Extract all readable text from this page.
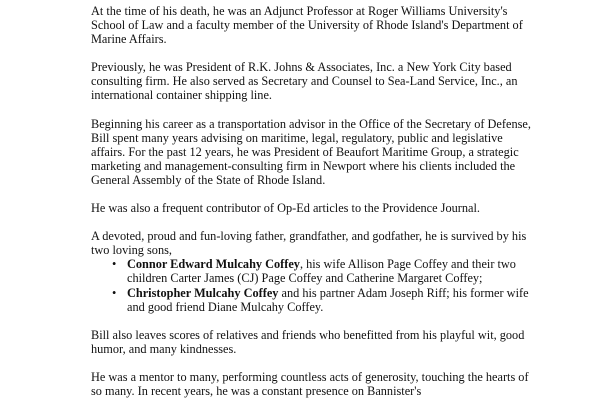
At the time of his death, he was an Adjunct Professor at Roger Williams University's School of Law and a faculty member of the University of Rhode Island's Department of Marine Affairs.

Previously, he was President of R.K. Johns & Associates, Inc. a New York City based consulting firm. He also served as Secretary and Counsel to Sea-Land Service, Inc., an international container shipping line.

Beginning his career as a transportation advisor in the Office of the Secretary of Defense, Bill spent many years advising on maritime, legal, regulatory, public and legislative affairs. For the past 12 years, he was President of Beaufort Maritime Group, a strategic marketing and management-consulting firm in Newport where his clients included the General Assembly of the State of Rhode Island.

He was also a frequent contributor of Op-Ed articles to the Providence Journal.

A devoted, proud and fun-loving father, grandfather, and godfather, he is survived by his two loving sons,

• Connor Edward Mulcahy Coffey, his wife Allison Page Coffey and their two children Carter James (CJ) Page Coffey and Catherine Margaret Coffey;
• Christopher Mulcahy Coffey and his partner Adam Joseph Riff; his former wife and good friend Diane Mulcahy Coffey.

Bill also leaves scores of relatives and friends who benefitted from his playful wit, good humor, and many kindnesses.

He was a mentor to many, performing countless acts of generosity, touching the hearts of so many. In recent years, he was a constant presence on Bannister's
